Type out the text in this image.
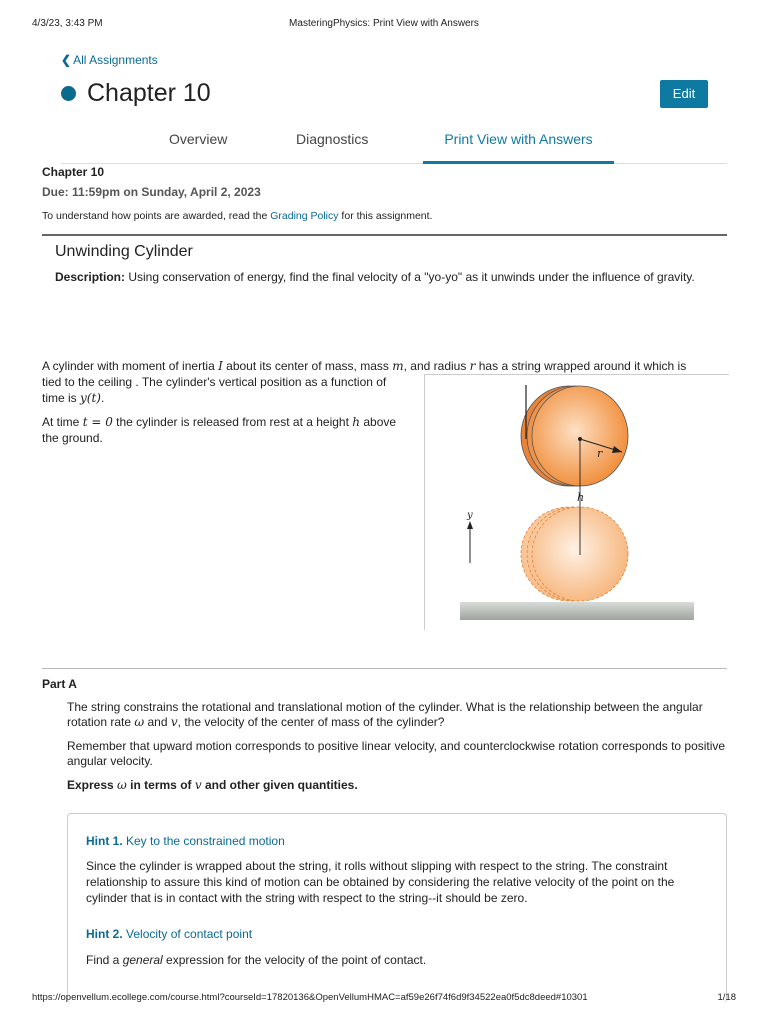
4/3/23, 3:43 PM	MasteringPhysics: Print View with Answers
❮ All Assignments
Chapter 10	Edit
Overview	Diagnostics	Print View with Answers
Chapter 10
Due: 11:59pm on Sunday, April 2, 2023
To understand how points are awarded, read the Grading Policy for this assignment.
Unwinding Cylinder
Description: Using conservation of energy, find the final velocity of a "yo-yo" as it unwinds under the influence of gravity.
A cylinder with moment of inertia I about its center of mass, mass m, and radius r has a string wrapped around it which is

tied to the ceiling . The cylinder's vertical position as a function of time is y(t).

At time t = 0 the cylinder is released from rest at a height h above the ground.

r
h
y
Part A

The string constrains the rotational and translational motion of the cylinder. What is the relationship between the angular rotation rate ω and v, the velocity of the center of mass of the cylinder?

Remember that upward motion corresponds to positive linear velocity, and counterclockwise rotation corresponds to positive angular velocity.

Express ω in terms of v and other given quantities.

Hint 1. Key to the constrained motion
Since the cylinder is wrapped about the string, it rolls without slipping with respect to the string. The constraint relationship to assure this kind of motion can be obtained by considering the relative velocity of the point on the cylinder that is in contact with the string with respect to the string--it should be zero.
Hint 2. Velocity of contact point
Find a general expression for the velocity of the point of contact.
https://openvellum.ecollege.com/course.html?courseId=17820136&OpenVellumHMAC=af59e26f74f6d9f34522ea0f5dc8deed#10301	1/18
